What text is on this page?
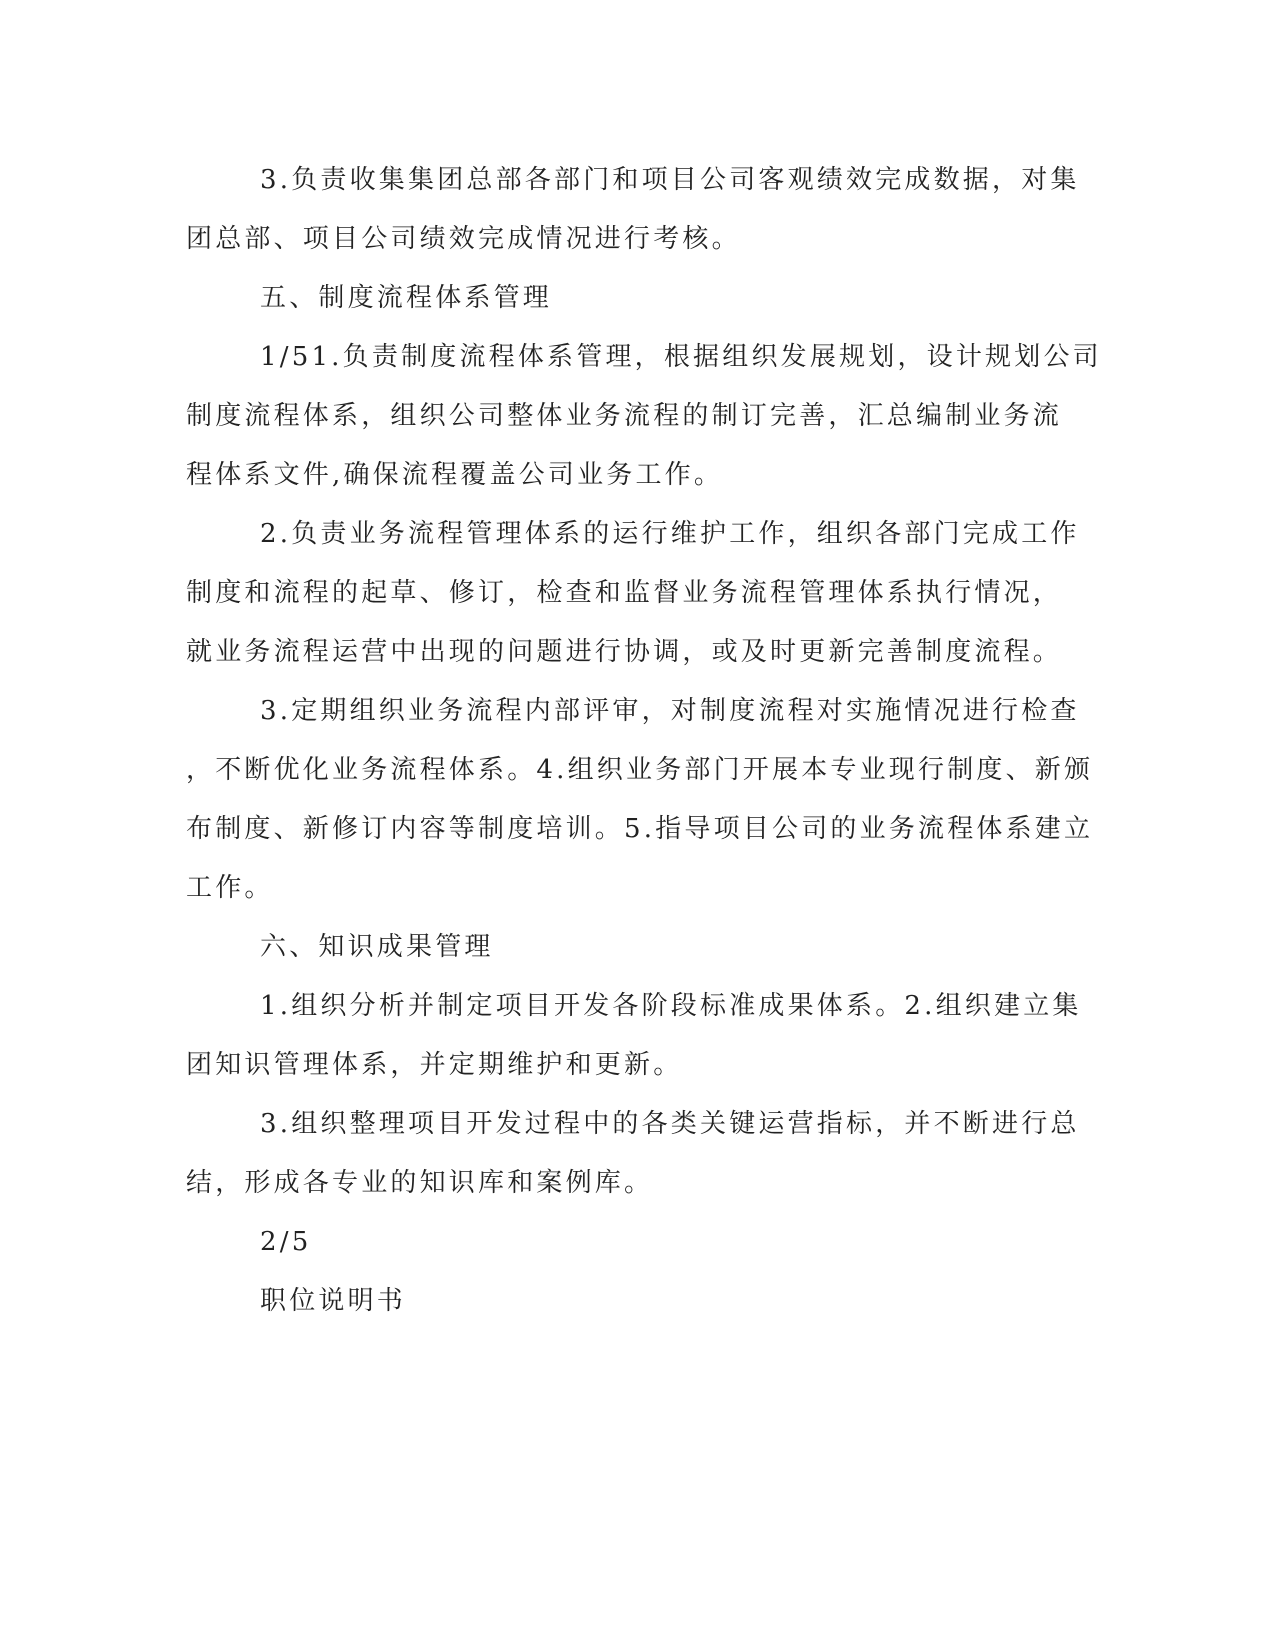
3.负责收集集团总部各部门和项目公司客观绩效完成数据，对集
团总部、项目公司绩效完成情况进行考核。
五、制度流程体系管理
1/51.负责制度流程体系管理，根据组织发展规划，设计规划公司
制度流程体系，组织公司整体业务流程的制订完善，汇总编制业务流
程体系文件,确保流程覆盖公司业务工作。
2.负责业务流程管理体系的运行维护工作，组织各部门完成工作
制度和流程的起草、修订，检查和监督业务流程管理体系执行情况，
就业务流程运营中出现的问题进行协调，或及时更新完善制度流程。
3.定期组织业务流程内部评审，对制度流程对实施情况进行检查
，不断优化业务流程体系。4.组织业务部门开展本专业现行制度、新颁
布制度、新修订内容等制度培训。5.指导项目公司的业务流程体系建立
工作。
六、知识成果管理
1.组织分析并制定项目开发各阶段标准成果体系。2.组织建立集
团知识管理体系，并定期维护和更新。
3.组织整理项目开发过程中的各类关键运营指标，并不断进行总
结，形成各专业的知识库和案例库。
2/5
职位说明书
